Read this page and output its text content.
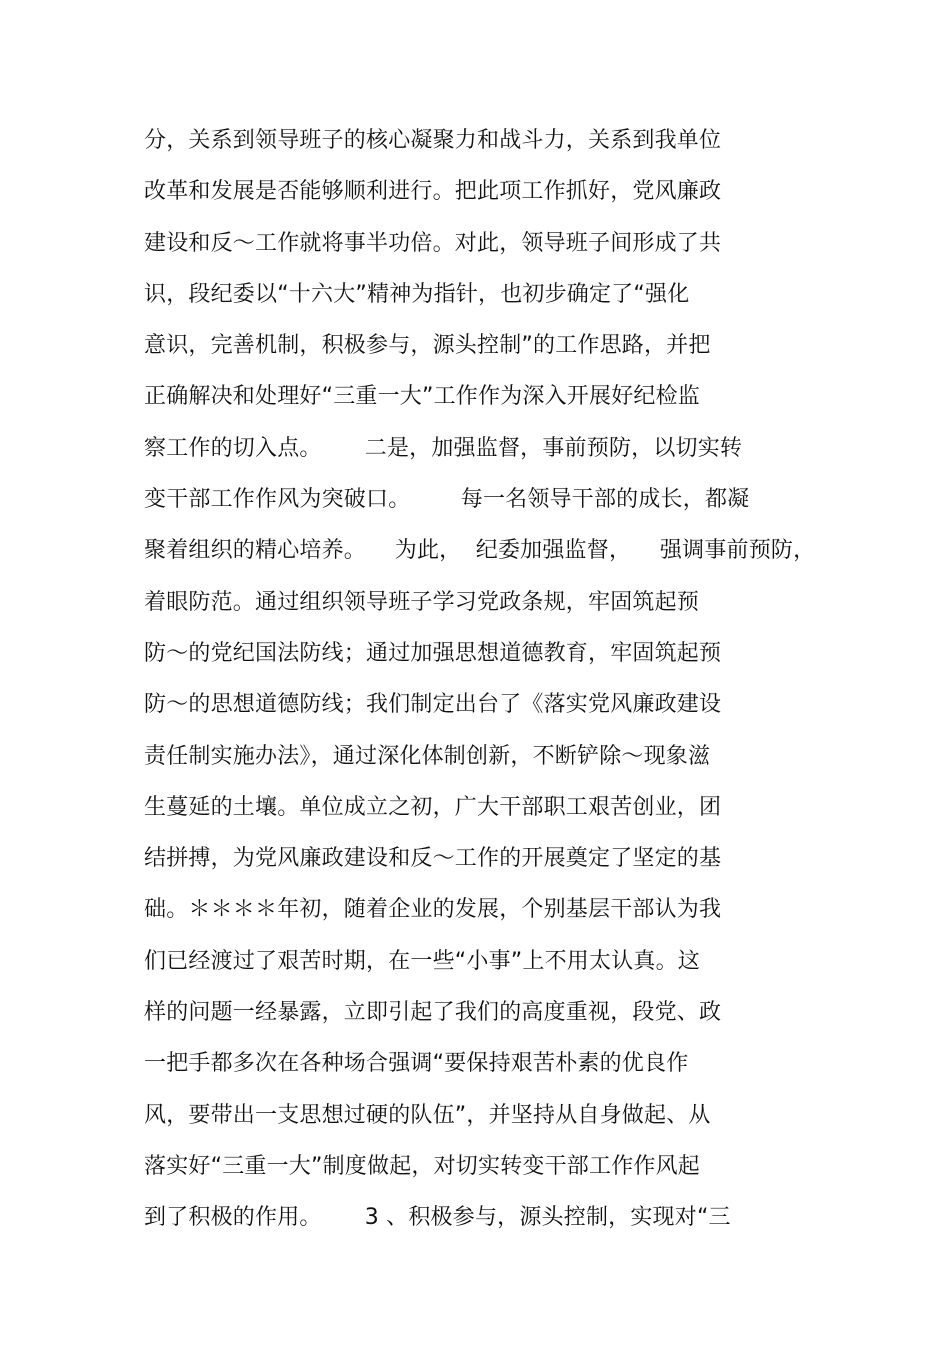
分，关系到领导班子的核心凝聚力和战斗力，关系到我单位
改革和发展是否能够顺利进行。把此项工作抓好，党风廉政
建设和反～工作就将事半功倍。对此，领导班子间形成了共
识，段纪委以“十六大”精神为指针，也初步确定了“强化
意识，完善机制，积极参与，源头控制”的工作思路，并把
正确解决和处理好“三重一大”工作作为深入开展好纪检监
察工作的切入点。      二是，加强监督，事前预防，以切实转
变干部工作作风为突破口。       每一名领导干部的成长，都凝
聚着组织的精心培养。    为此，  纪委加强监督，    强调事前预防，
着眼防范。通过组织领导班子学习党政条规，牢固筑起预
防～的党纪国法防线；通过加强思想道德教育，牢固筑起预
防～的思想道德防线；我们制定出台了《落实党风廉政建设
责任制实施办法》，通过深化体制创新，不断铲除～现象滋
生蔓延的土壤。单位成立之初，广大干部职工艰苦创业，团
结拼搏，为党风廉政建设和反～工作的开展奠定了坚定的基
础。＊＊＊＊年初，随着企业的发展，个别基层干部认为我
们已经渡过了艰苦时期，在一些“小事”上不用太认真。这
样的问题一经暴露，立即引起了我们的高度重视，段党、政
一把手都多次在各种场合强调“要保持艰苦朴素的优良作
风，要带出一支思想过硬的队伍”，并坚持从自身做起、从
落实好“三重一大”制度做起，对切实转变干部工作作风起
到了积极的作用。      3 、积极参与，源头控制，实现对“三
